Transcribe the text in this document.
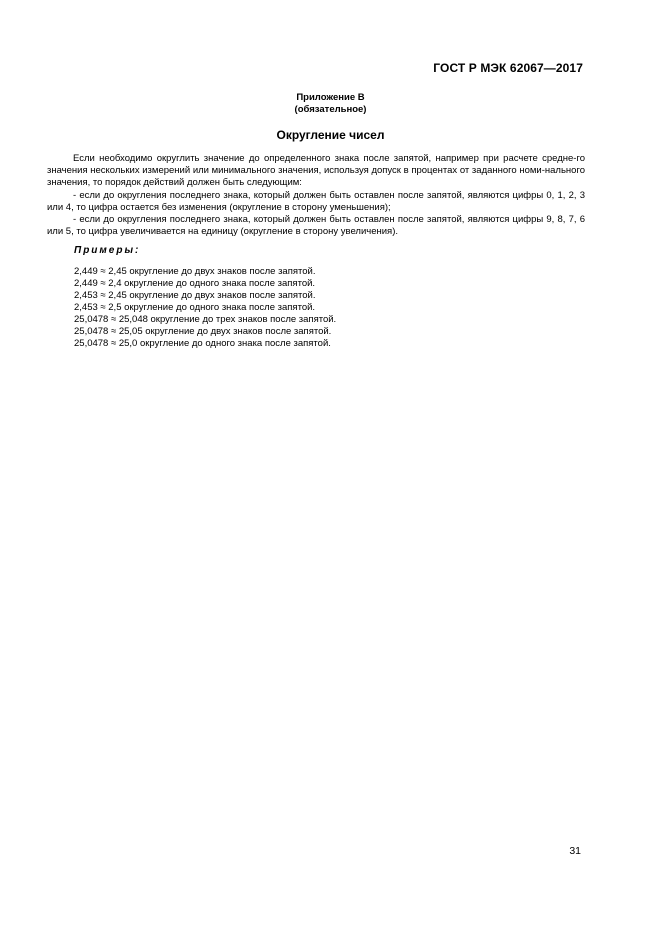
ГОСТ Р МЭК 62067—2017
Приложение В
(обязательное)
Округление чисел

Если необходимо округлить значение до определенного знака после запятой, например при расчете средне-го значения нескольких измерений или минимального значения, используя допуск в процентах от заданного номи-нального значения, то порядок действий должен быть следующим:

- если до округления последнего знака, который должен быть оставлен после запятой, являются цифры 0, 1, 2, 3 или 4, то цифра остается без изменения (округление в сторону уменьшения);

- если до округления последнего знака, который должен быть оставлен после запятой, являются цифры 9, 8, 7, 6 или 5, то цифра увеличивается на единицу (округление в сторону увеличения).

Примеры:
2,449 ≈ 2,45 округление до двух знаков после запятой.
2,449 ≈ 2,4 округление до одного знака после запятой.
2,453 ≈ 2,45 округление до двух знаков после запятой.
2,453 ≈ 2,5 округление до одного знака после запятой.
25,0478 ≈ 25,048 округление до трех знаков после запятой.
25,0478 ≈ 25,05 округление до двух знаков после запятой.
25,0478 ≈ 25,0 округление до одного знака после запятой.
31
